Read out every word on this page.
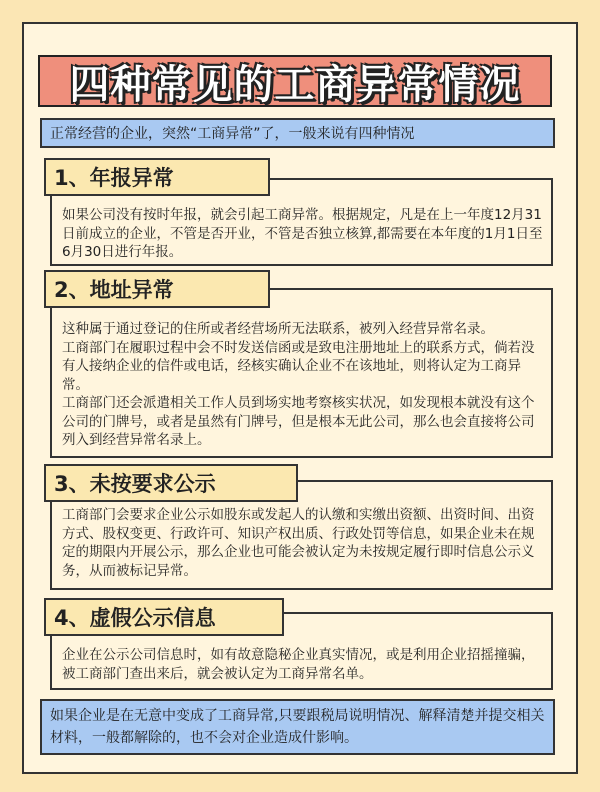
四种常见的工商异常情况
正常经营的企业，突然“工商异常”了，一般来说有四种情况

如果公司没有按时年报，就会引起工商异常。根据规定，凡是在上一年度12月31日前成立的企业，不管是否开业，不管是否独立核算,都需要在本年度的1月1日至6月30日进行年报。

1、年报异常

这种属于通过登记的住所或者经营场所无法联系，被列入经营异常名录。

工商部门在履职过程中会不时发送信函或是致电注册地址上的联系方式，倘若没有人接纳企业的信件或电话，经核实确认企业不在该地址，则将认定为工商异常。

工商部门还会派遣相关工作人员到场实地考察核实状况，如发现根本就没有这个公司的门牌号，或者是虽然有门牌号，但是根本无此公司，那么也会直接将公司列入到经营异常名录上。

2、地址异常

工商部门会要求企业公示如股东或发起人的认缴和实缴出资额、出资时间、出资方式、股权变更、行政许可、知识产权出质、行政处罚等信息，如果企业未在规定的期限内开展公示，那么企业也可能会被认定为未按规定履行即时信息公示义务，从而被标记异常。

3、未按要求公示

企业在公示公司信息时，如有故意隐秘企业真实情况，或是利用企业招摇撞骗，被工商部门查出来后，就会被认定为工商异常名单。

4、虚假公示信息
如果企业是在无意中变成了工商异常,只要跟税局说明情况、解释清楚并提交相关材料，一般都解除的，也不会对企业造成什影响。
